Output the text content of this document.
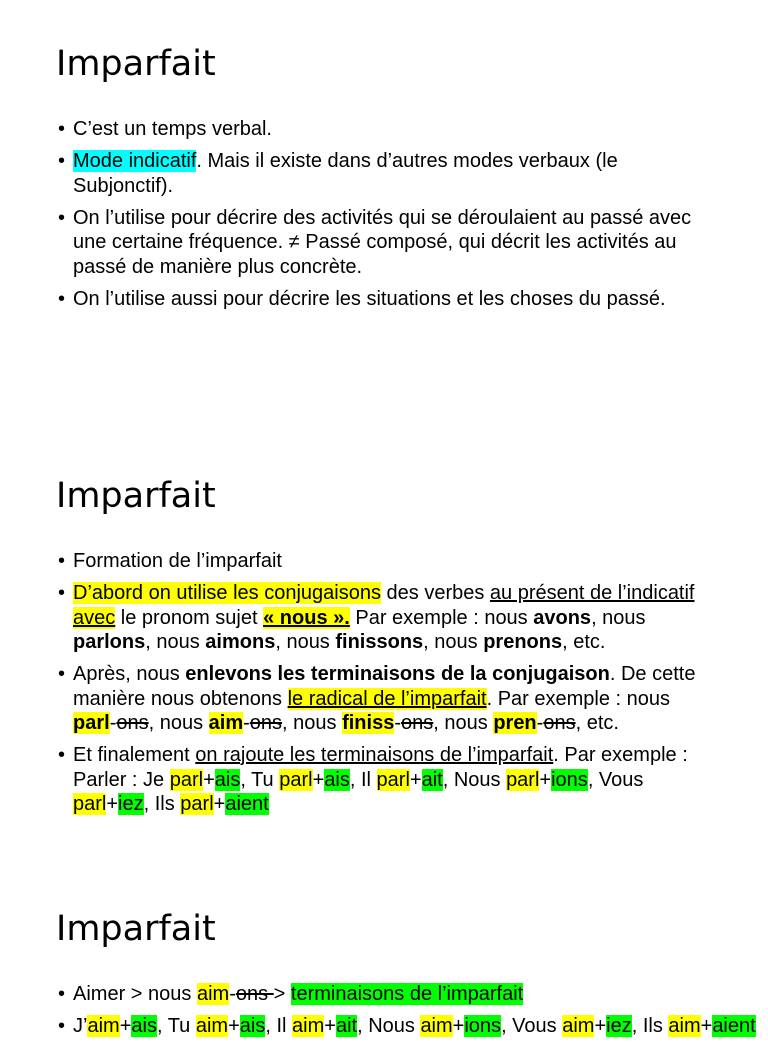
Imparfait
• C’est un temps verbal.
• Mode indicatif. Mais il existe dans d’autres modes verbaux (le
Subjonctif).
• On l’utilise pour décrire des activités qui se déroulaient au passé avec
une certaine fréquence. ≠ Passé composé, qui décrit les activités au
passé de manière plus concrète.
• On l’utilise aussi pour décrire les situations et les choses du passé.
Imparfait
• Formation de l’imparfait
• D’abord on utilise les conjugaisons des verbes au présent de l’indicatif
avec le pronom sujet « nous ». Par exemple : nous avons, nous
parlons, nous aimons, nous finissons, nous prenons, etc.
• Après, nous enlevons les terminaisons de la conjugaison. De cette
manière nous obtenons le radical de l’imparfait. Par exemple : nous
parl-ons, nous aim-ons, nous finiss-ons, nous pren-ons, etc.
• Et finalement on rajoute les terminaisons de l’imparfait. Par exemple :
Parler : Je parl+ais, Tu parl+ais, Il parl+ait, Nous parl+ions, Vous
parl+iez, Ils parl+aient
Imparfait
• Aimer > nous aim-ons > terminaisons de l’imparfait
• J’aim+ais, Tu aim+ais, Il aim+ait, Nous aim+ions, Vous aim+iez, Ils aim+aient
